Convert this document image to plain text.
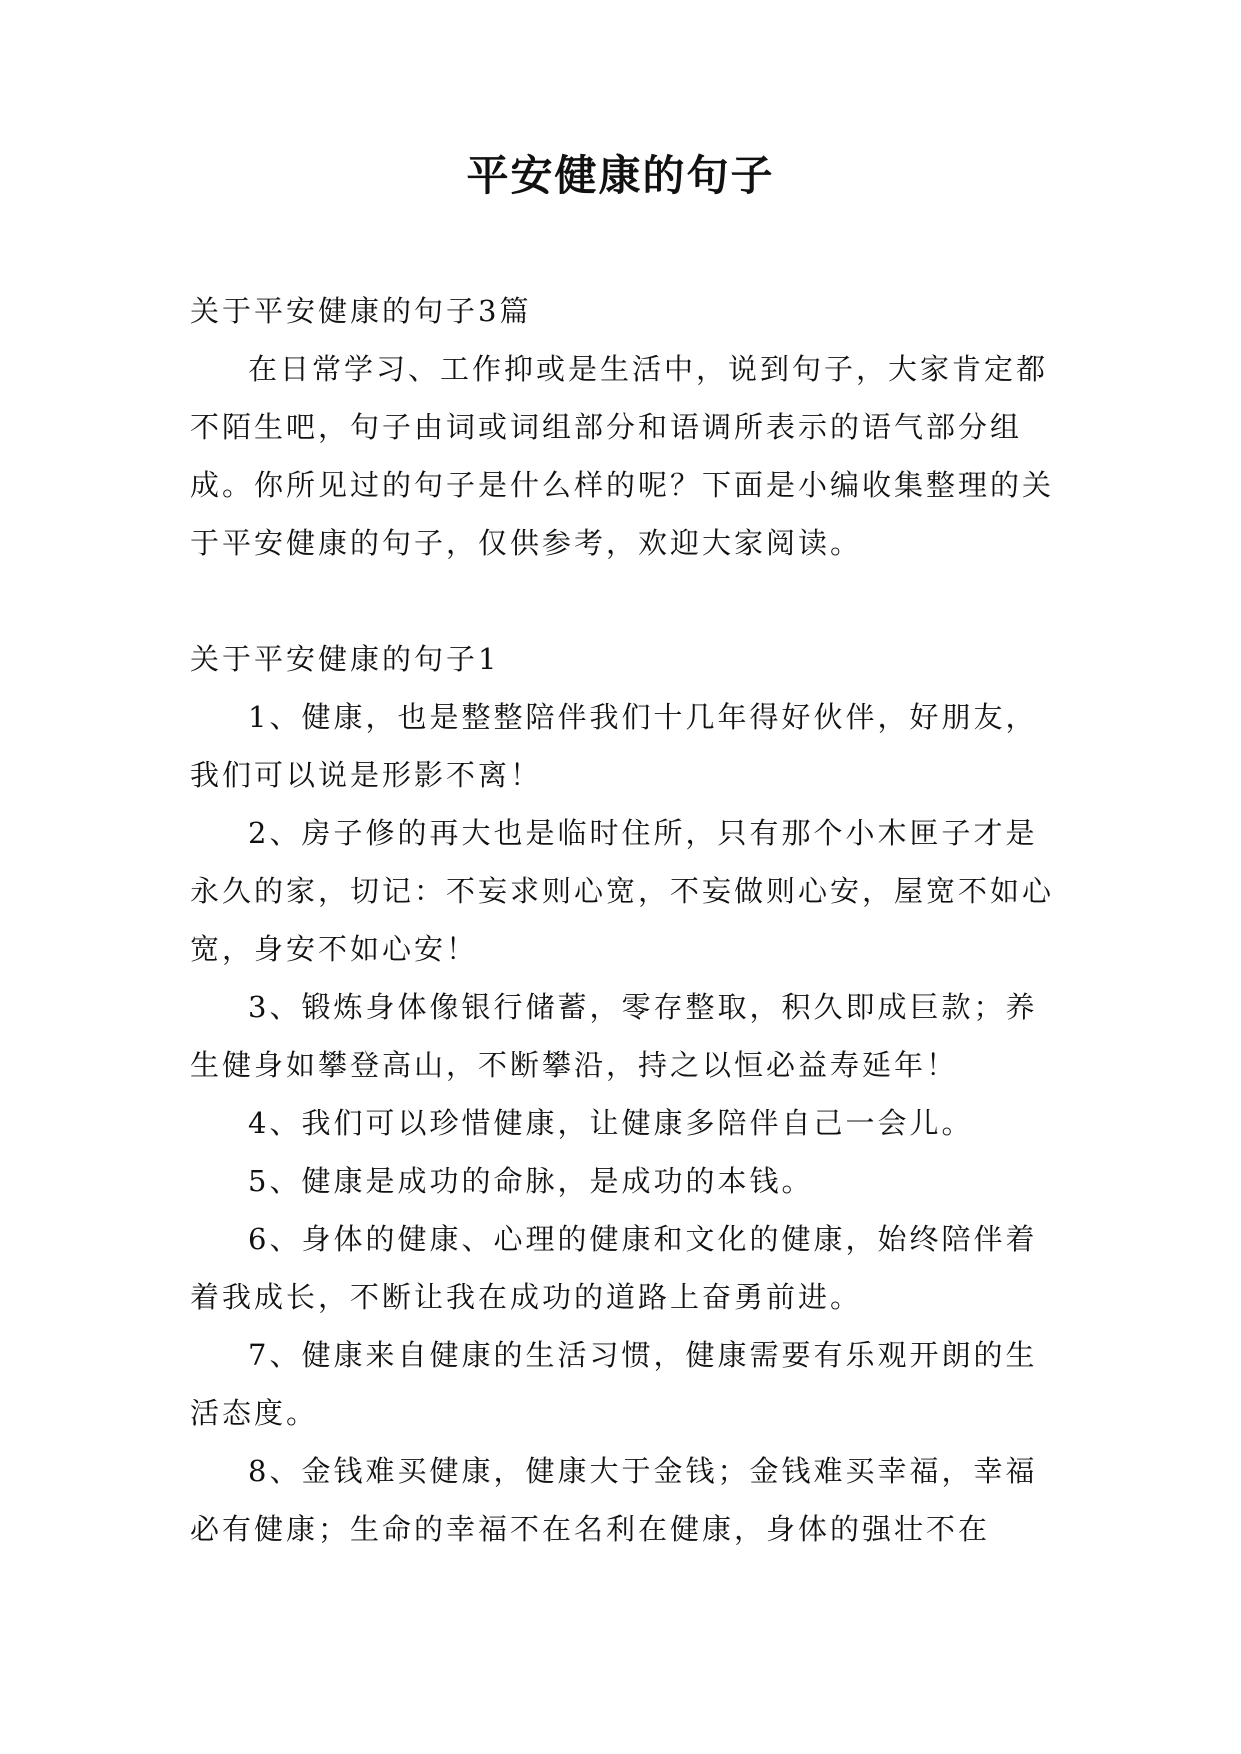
平安健康的句子

关于平安健康的句子3篇

在日常学习、工作抑或是生活中，说到句子，大家肯定都不陌生吧，句子由词或词组部分和语调所表示的语气部分组成。你所见过的句子是什么样的呢？下面是小编收集整理的关于平安健康的句子，仅供参考，欢迎大家阅读。

关于平安健康的句子1

1、健康，也是整整陪伴我们十几年得好伙伴，好朋友，我们可以说是形影不离！

2、房子修的再大也是临时住所，只有那个小木匣子才是永久的家，切记：不妄求则心宽，不妄做则心安，屋宽不如心宽，身安不如心安！

3、锻炼身体像银行储蓄，零存整取，积久即成巨款；养生健身如攀登高山，不断攀沿，持之以恒必益寿延年！

4、我们可以珍惜健康，让健康多陪伴自己一会儿。

5、健康是成功的命脉，是成功的本钱。

6、身体的健康、心理的健康和文化的健康，始终陪伴着着我成长，不断让我在成功的道路上奋勇前进。

7、健康来自健康的生活习惯，健康需要有乐观开朗的生活态度。

8、金钱难买健康，健康大于金钱；金钱难买幸福，幸福必有健康；生命的幸福不在名利在健康，身体的强壮不在
